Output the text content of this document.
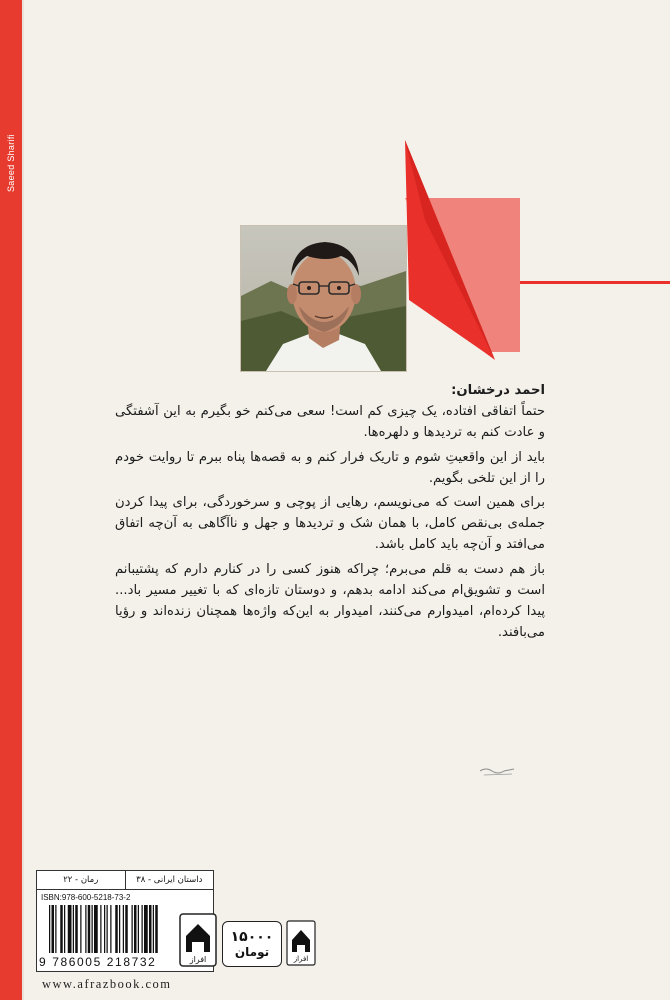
Saeed Sharifi

احمد درخشان:

حتماً اتفاقی افتاده، یک چیزی کم است! سعی می‌کنم خو بگیرم به این آشفتگی و عادت کنم به تردیدها و دلهره‌ها.

باید از این واقعیتِ شوم و تاریک فرار کنم و به قصه‌ها پناه ببرم تا روایت خودم را از این تلخی بگویم.

برای همین است که می‌نویسم، رهایی از پوچی و سرخوردگی، برای پیدا کردن جمله‌ی بی‌نقص کامل، با همان شک و تردیدها و جهل و ناآگاهی به آن‌چه اتفاق می‌افتد و آن‌چه باید کامل باشد.

باز هم دست به قلم می‌برم؛ چراکه هنوز کسی را در کنارم دارم که پشتیبانم است و تشویق‌ام می‌کند ادامه بدهم، و دوستان تازه‌ای که با تغییر مسیر باد... پیدا کرده‌ام، امیدوارم می‌کنند، امیدوار به این‌که واژه‌ها همچنان زنده‌اند و رؤیا می‌بافند.

داستان ایرانی - ۳۸
رمان - ۲۲
ISBN:978-600-5218-73-2
9 786005 218732	افراز
۱۵۰۰۰
تومان
افراز
www.afrazbook.com
